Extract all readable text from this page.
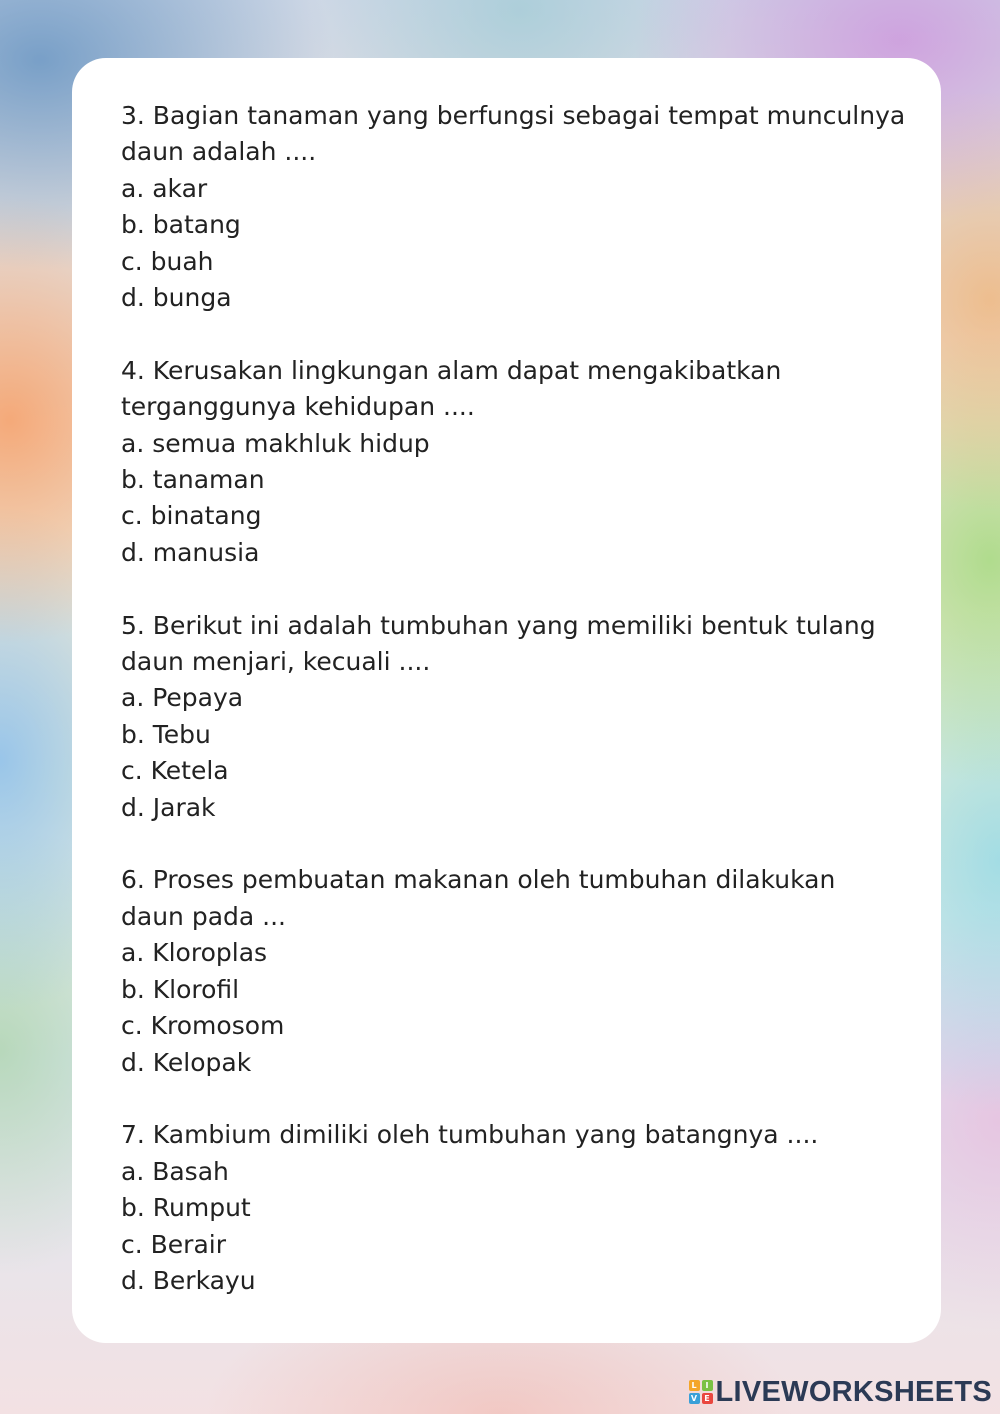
3. Bagian tanaman yang berfungsi sebagai tempat munculnya

daun adalah ....

a. akar

b. batang

c. buah

d. bunga

4. Kerusakan lingkungan alam dapat mengakibatkan

terganggunya kehidupan ....

a. semua makhluk hidup

b. tanaman

c. binatang

d. manusia

5. Berikut ini adalah tumbuhan yang memiliki bentuk tulang

daun menjari, kecuali ....

a. Pepaya

b. Tebu

c. Ketela

d. Jarak

6. Proses pembuatan makanan oleh tumbuhan dilakukan

daun pada ...

a. Kloroplas

b. Klorofil

c. Kromosom

d. Kelopak

7. Kambium dimiliki oleh tumbuhan yang batangnya ....

a. Basah

b. Rumput

c. Berair

d. Berkayu

L	I
V E LIVEWORKSHEETS
